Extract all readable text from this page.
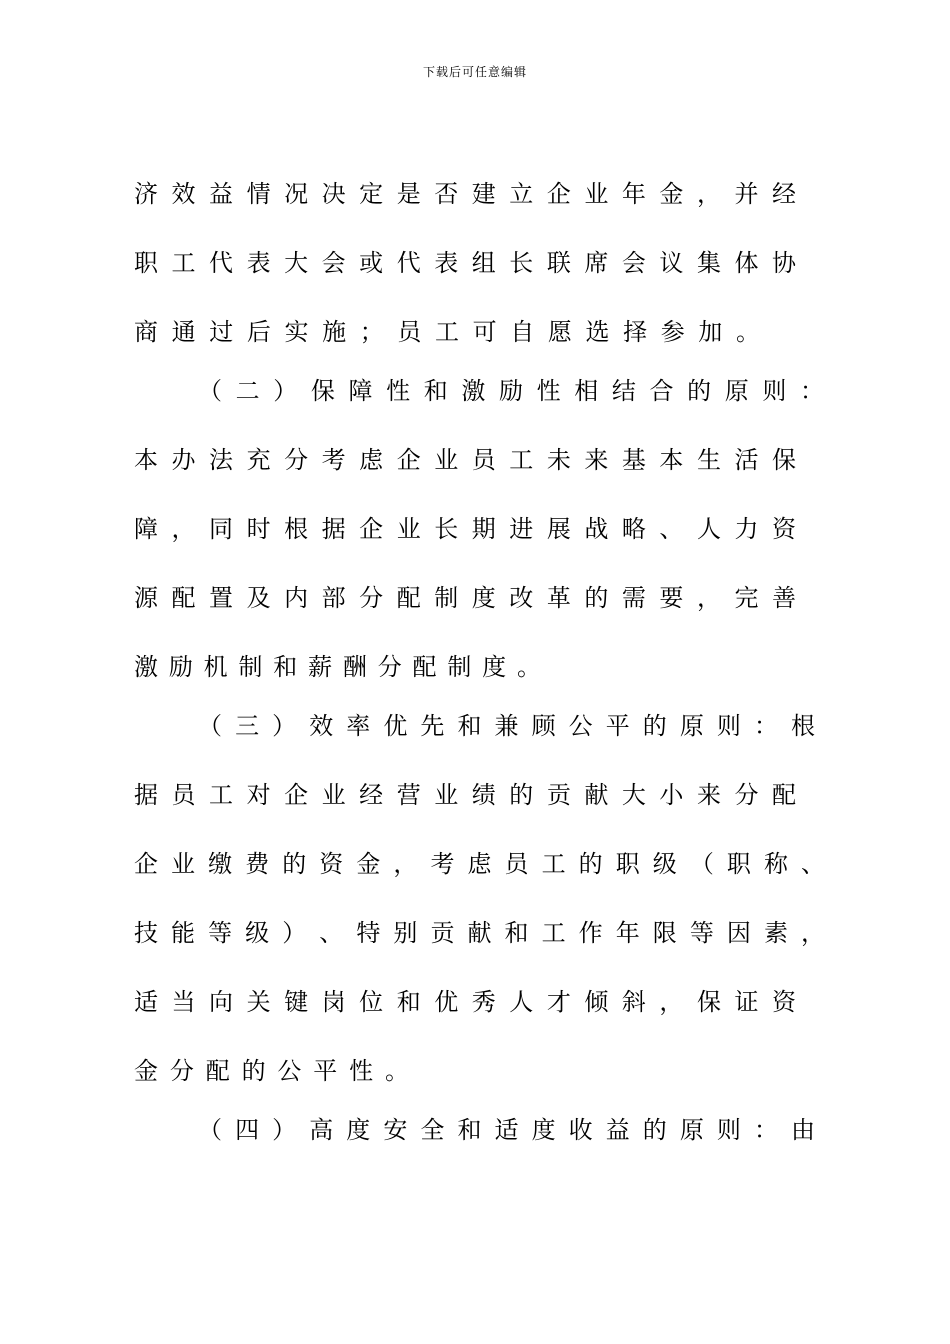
下载后可任意编辑
济 效 益 情 况 决 定 是 否 建 立 企 业 年 金 ， 并 经
职 工 代 表 大 会 或 代 表 组 长 联 席 会 议 集 体 协
商 通 过 后 实 施 ； 员 工 可 自 愿 选 择 参 加 。
（ 二 ） 保 障 性 和 激 励 性 相 结 合 的 原 则 ：
本 办 法 充 分 考 虑 企 业 员 工 未 来 基 本 生 活 保
障 ， 同 时 根 据 企 业 长 期 进 展 战 略 、 人 力 资
源 配 置 及 内 部 分 配 制 度 改 革 的 需 要 ， 完 善
激 励 机 制 和 薪 酬 分 配 制 度 。
（ 三 ） 效 率 优 先 和 兼 顾 公 平 的 原 则 ： 根
据 员 工 对 企 业 经 营 业 绩 的 贡 献 大 小 来 分 配
企 业 缴 费 的 资 金 ， 考 虑 员 工 的 职 级 （ 职 称 、
技 能 等 级 ） 、 特 别 贡 献 和 工 作 年 限 等 因 素 ，
适 当 向 关 键 岗 位 和 优 秀 人 才 倾 斜 ， 保 证 资
金 分 配 的 公 平 性 。
（ 四 ） 高 度 安 全 和 适 度 收 益 的 原 则 ： 由
